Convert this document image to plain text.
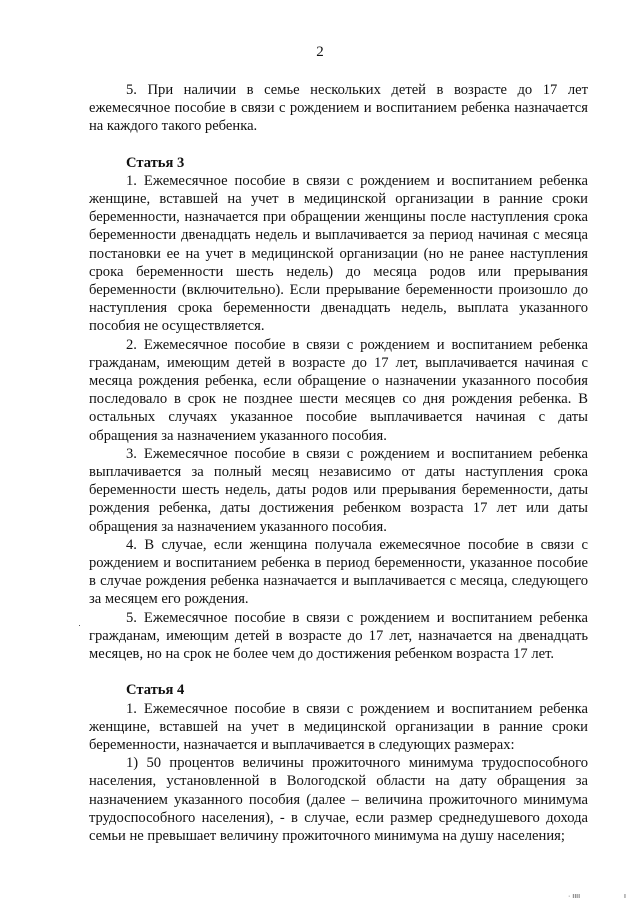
2

5. При наличии в семье нескольких детей в возрасте до 17 лет ежемесячное пособие в связи с рождением и воспитанием ребенка назначается на каждого такого ребенка.

Статья 3

1. Ежемесячное пособие в связи с рождением и воспитанием ребенка женщине, вставшей на учет в медицинской организации в ранние сроки беременности, назначается при обращении женщины после наступления срока беременности двенадцать недель и выплачивается за период начиная с месяца постановки ее на учет в медицинской организации (но не ранее наступления срока беременности шесть недель) до месяца родов или прерывания беременности (включительно). Если прерывание беременности произошло до наступления срока беременности двенадцать недель, выплата указанного пособия не осуществляется.

2. Ежемесячное пособие в связи с рождением и воспитанием ребенка гражданам, имеющим детей в возрасте до 17 лет, выплачивается начиная с месяца рождения ребенка, если обращение о назначении указанного пособия последовало в срок не позднее шести месяцев со дня рождения ребенка. В остальных случаях указанное пособие выплачивается начиная с даты обращения за назначением указанного пособия.

3. Ежемесячное пособие в связи с рождением и воспитанием ребенка выплачивается за полный месяц независимо от даты наступления срока беременности шесть недель, даты родов или прерывания беременности, даты рождения ребенка, даты достижения ребенком возраста 17 лет или даты обращения за назначением указанного пособия.

4. В случае, если женщина получала ежемесячное пособие в связи с рождением и воспитанием ребенка в период беременности, указанное пособие в случае рождения ребенка назначается и выплачивается с месяца, следующего за месяцем его рождения.

5. Ежемесячное пособие в связи с рождением и воспитанием ребенка гражданам, имеющим детей в возрасте до 17 лет, назначается на двенадцать месяцев, но на срок не более чем до достижения ребенком возраста 17 лет.

Статья 4

1. Ежемесячное пособие в связи с рождением и воспитанием ребенка женщине, вставшей на учет в медицинской организации в ранние сроки беременности, назначается и выплачивается в следующих размерах:

1) 50 процентов величины прожиточного минимума трудоспособного населения, установленной в Вологодской области на дату обращения за назначением указанного пособия (далее – величина прожиточного минимума трудоспособного населения), - в случае, если размер среднедушевого дохода семьи не превышает величину прожиточного минимума на душу населения;

·
· ıııı	ı
